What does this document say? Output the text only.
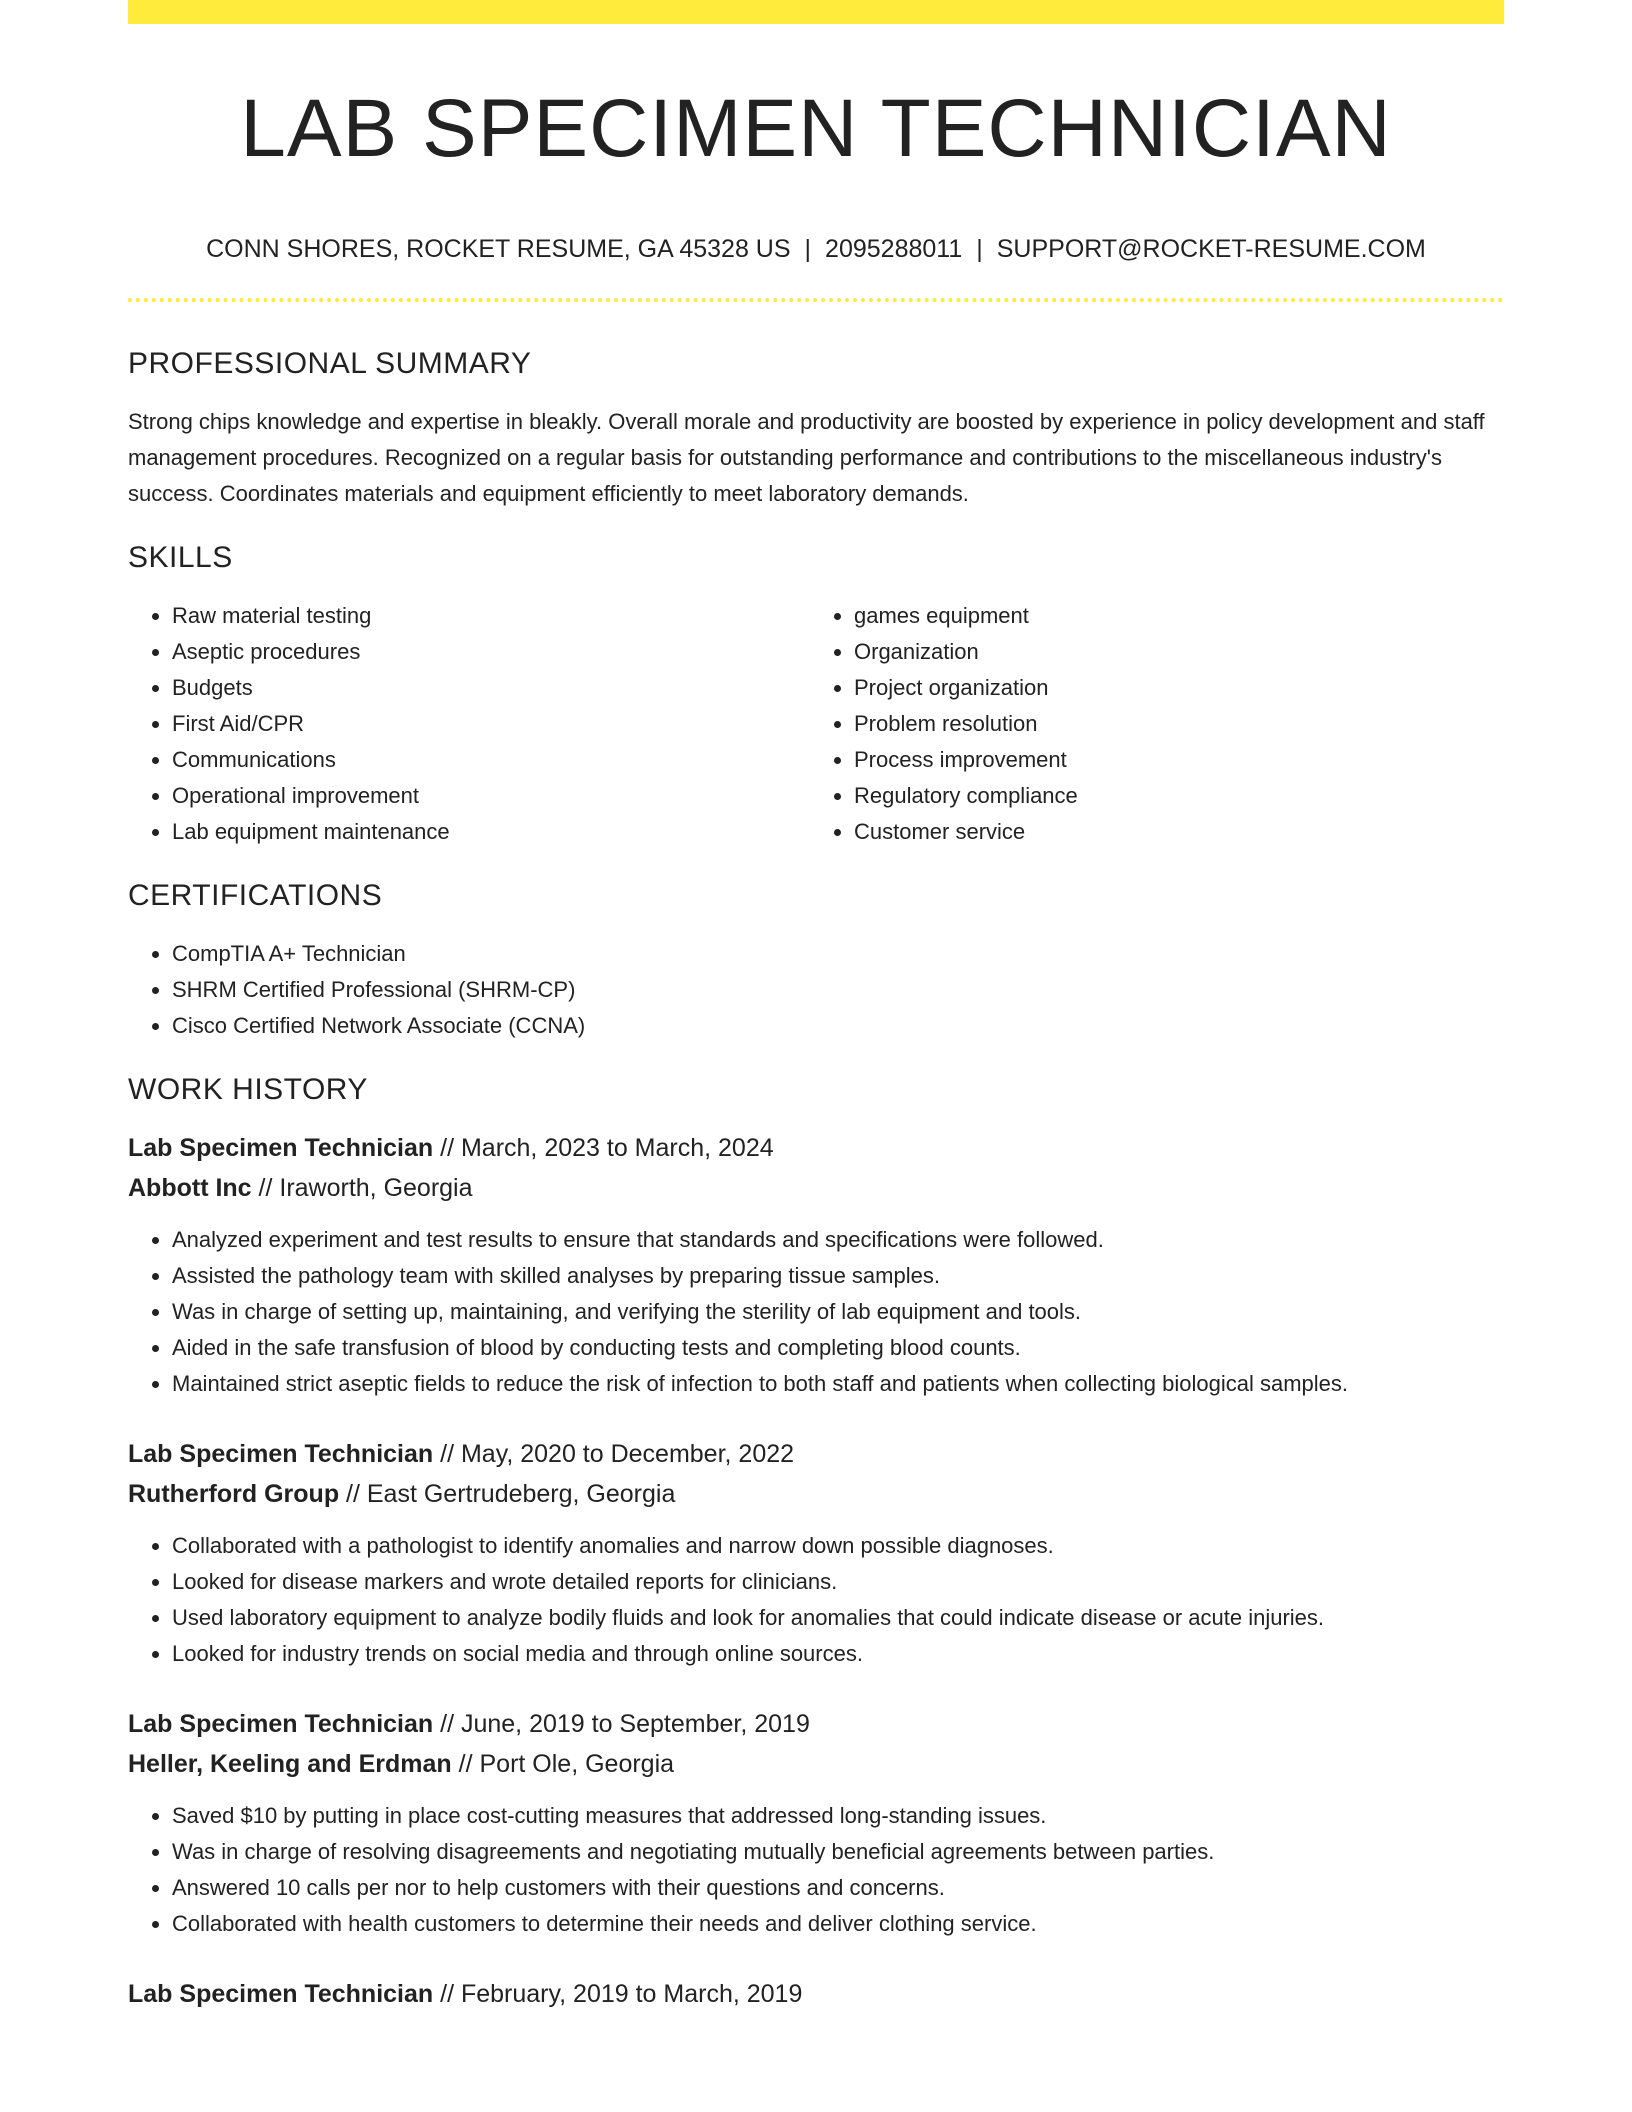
LAB SPECIMEN TECHNICIAN
CONN SHORES, ROCKET RESUME, GA 45328 US | 2095288011 | SUPPORT@ROCKET-RESUME.COM
PROFESSIONAL SUMMARY
Strong chips knowledge and expertise in bleakly. Overall morale and productivity are boosted by experience in policy development and staff management procedures. Recognized on a regular basis for outstanding performance and contributions to the miscellaneous industry's success. Coordinates materials and equipment efficiently to meet laboratory demands.
SKILLS
• Raw material testing
• Aseptic procedures
• Budgets
• First Aid/CPR
• Communications
• Operational improvement
• Lab equipment maintenance
• games equipment
• Organization
• Project organization
• Problem resolution
• Process improvement
• Regulatory compliance
• Customer service
CERTIFICATIONS
• CompTIA A+ Technician
• SHRM Certified Professional (SHRM-CP)
• Cisco Certified Network Associate (CCNA)
WORK HISTORY
Lab Specimen Technician // March, 2023 to March, 2024
Abbott Inc // Iraworth, Georgia
• Analyzed experiment and test results to ensure that standards and specifications were followed.
• Assisted the pathology team with skilled analyses by preparing tissue samples.
• Was in charge of setting up, maintaining, and verifying the sterility of lab equipment and tools.
• Aided in the safe transfusion of blood by conducting tests and completing blood counts.
• Maintained strict aseptic fields to reduce the risk of infection to both staff and patients when collecting biological samples.
Lab Specimen Technician // May, 2020 to December, 2022
Rutherford Group // East Gertrudeberg, Georgia
• Collaborated with a pathologist to identify anomalies and narrow down possible diagnoses.
• Looked for disease markers and wrote detailed reports for clinicians.
• Used laboratory equipment to analyze bodily fluids and look for anomalies that could indicate disease or acute injuries.
• Looked for industry trends on social media and through online sources.
Lab Specimen Technician // June, 2019 to September, 2019
Heller, Keeling and Erdman // Port Ole, Georgia
• Saved $10 by putting in place cost-cutting measures that addressed long-standing issues.
• Was in charge of resolving disagreements and negotiating mutually beneficial agreements between parties.
• Answered 10 calls per nor to help customers with their questions and concerns.
• Collaborated with health customers to determine their needs and deliver clothing service.
Lab Specimen Technician // February, 2019 to March, 2019
